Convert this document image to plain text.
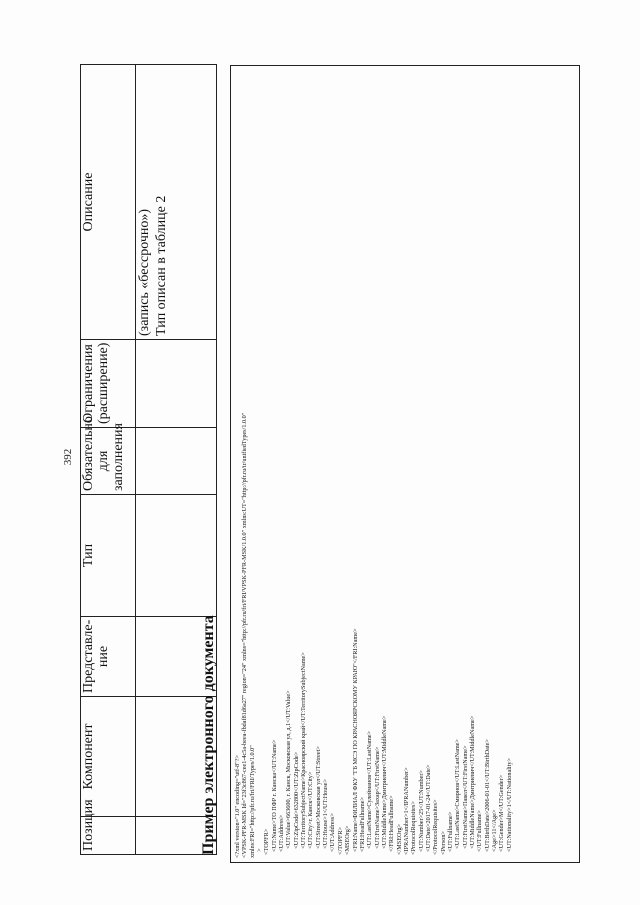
392
Позиция	Компонент	Представле-ние	Тип	Обязательно для заполнения	Ограничения (расширение)	Описание

						(запись «бессрочно») Тип описан в таблице 2
Пример электронного документа	<?xml version="1.0" encoding="utf-8"?> <VPSK-PFR-MSK Id="23f3c867-cee1-4c5a-beea-fbdaf81d6a27" region="24" xmlns="http://pfr.ru/fri/FRI/VPSK-PFR-MSK/1.0.0" xmlns:UT="http://pfr.ru/ir/unifiedTypes/1.0.0" xmlns:FRI="http://pfr.ru/fri/FRI/Types/1.0.0" > <TOPFR> <UT:Name>ТО ПФР г. Канска</UT:Name> <UT:Address> <UT:Value>663600, г. Канск, Московская ул, д.1</UT:Value> <UT:ZipCode>632800</UT:ZipCode> <UT:TerritorySubjectName>Красноярский край</UT:TerritorySubjectName> <UT:City>г. Канск</UT:City> <UT:Street>Московская ул</UT:Street> <UT:House>1</UT:House> </UT:Address> </TOPFR> <MSEOrg> <FRI:Name>ФИЛИАЛ ФКУ "ГБ МСЭ ПО КРАСНОЯРСКОМУ КРАЮ"</FRI:Name> <FRI:HeadFullname> <UT:LastName>Сулейманов</UT:LastName> <UT:FirstName>Захар</UT:FirstName> <UT:MiddleName>Дмитриевич</UT:MiddleName> </FRI:HeadFullname> </MSEOrg> <IPRANumber>1</IPRANumber> <ProtocolRequisites> <UT:Number>25</UT:Number> <UT:Date>2017-01-24</UT:Date> </ProtocolRequisites> <Person> <UT:Fullname> <UT:LastName>Смирнов</UT:LastName> <UT:FirstName>Павел</UT:FirstName> <UT:MiddleName>Дмитриевич</UT:MiddleName> </UT:Fullname> <UT:BirthDate>2006-01-01</UT:BirthDate> <Age>11</Age> <UT:Gender>M</UT:Gender> <UT:Nationality>1</UT:Nationality>
